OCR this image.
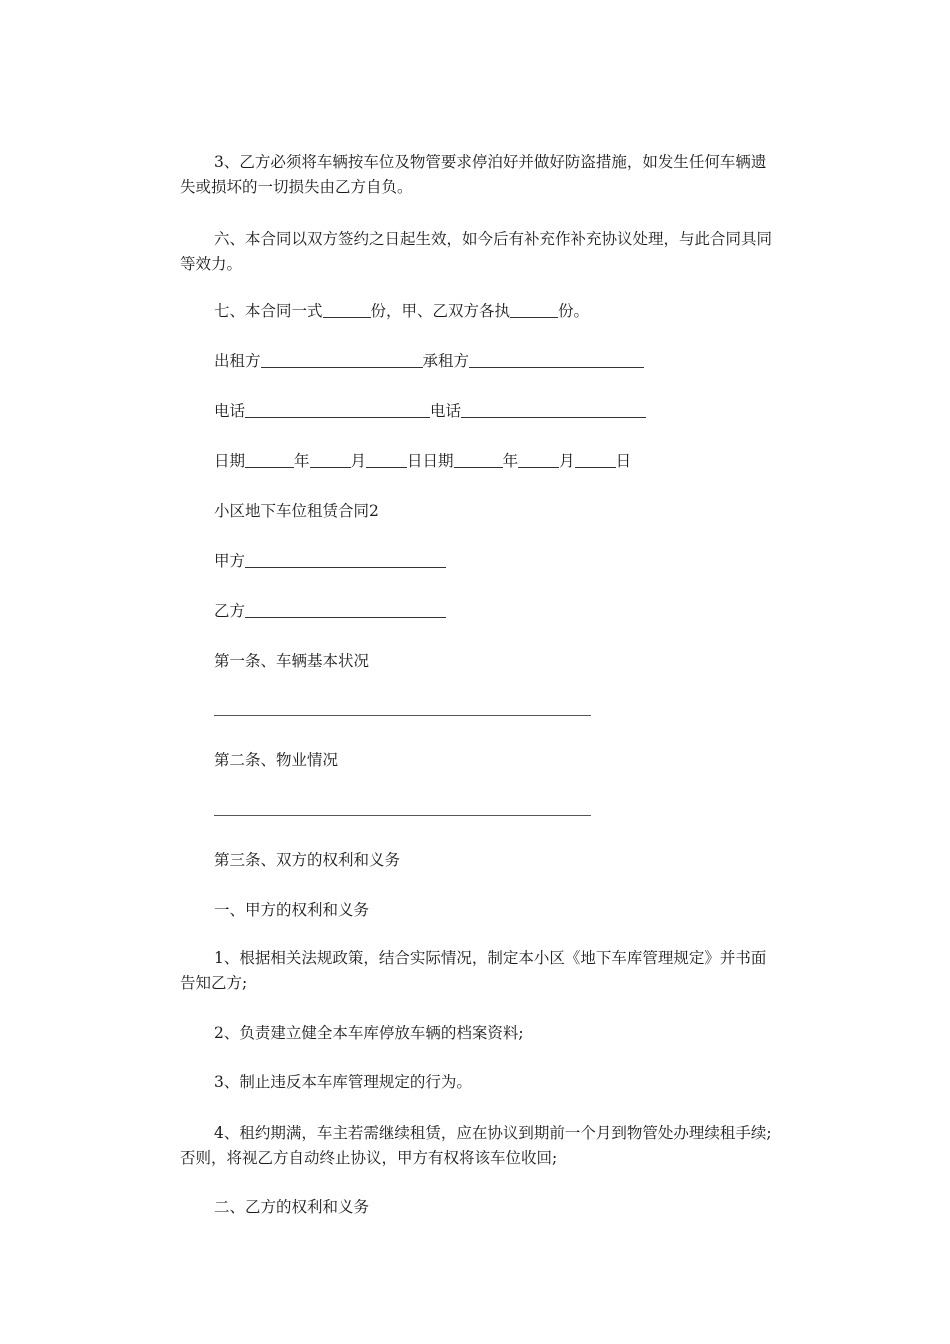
3、乙方必须将车辆按车位及物管要求停泊好并做好防盗措施，如发生任何车辆遗失或损坏的一切损失由乙方自负。

六、本合同以双方签约之日起生效，如今后有补充作补充协议处理，与此合同具同等效力。

七、本合同一式	份，甲、乙双方各执	份。

出租方	承租方

电话	电话

日期	年	月	日日期	年	月	日

小区地下车位租赁合同2

甲方

乙方

第一条、车辆基本状况

第二条、物业情况

第三条、双方的权利和义务

一、甲方的权利和义务

1、根据相关法规政策，结合实际情况，制定本小区《地下车库管理规定》并书面告知乙方;

2、负责建立健全本车库停放车辆的档案资料;

3、制止违反本车库管理规定的行为。

4、租约期满，车主若需继续租赁，应在协议到期前一个月到物管处办理续租手续;否则，将视乙方自动终止协议，甲方有权将该车位收回;

二、乙方的权利和义务
